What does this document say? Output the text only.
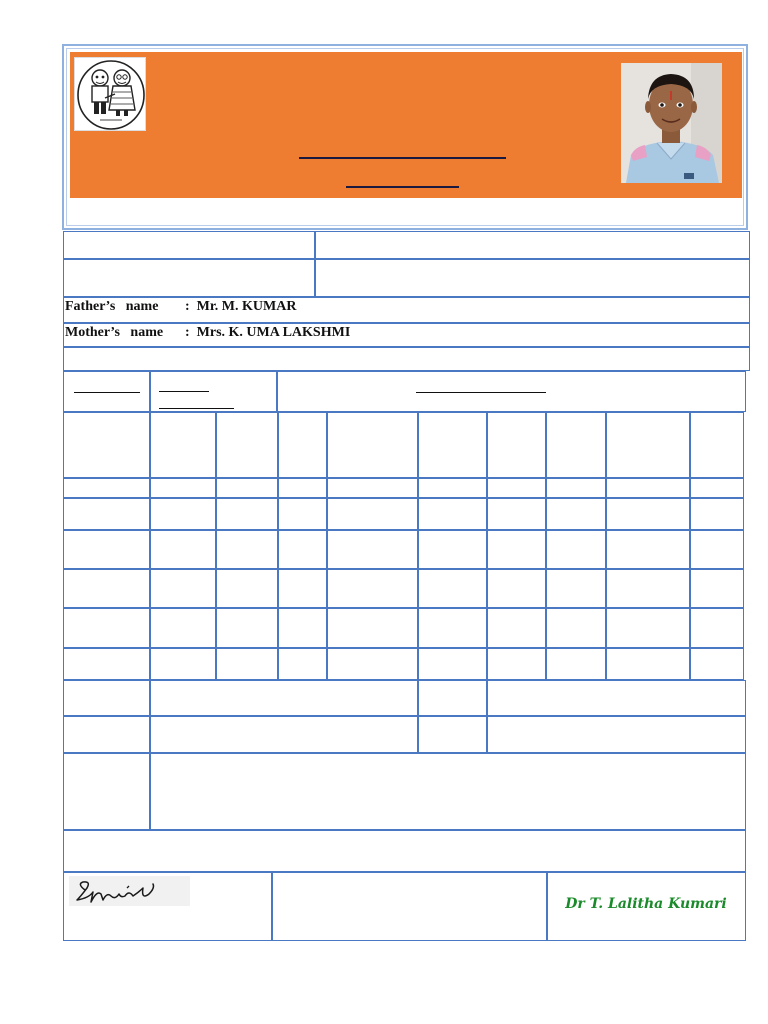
Father’s   name :  Mr. M. KUMAR
Mother’s   name :  Mrs. K. UMA LAKSHMI
Dr T. Lalitha Kumari
